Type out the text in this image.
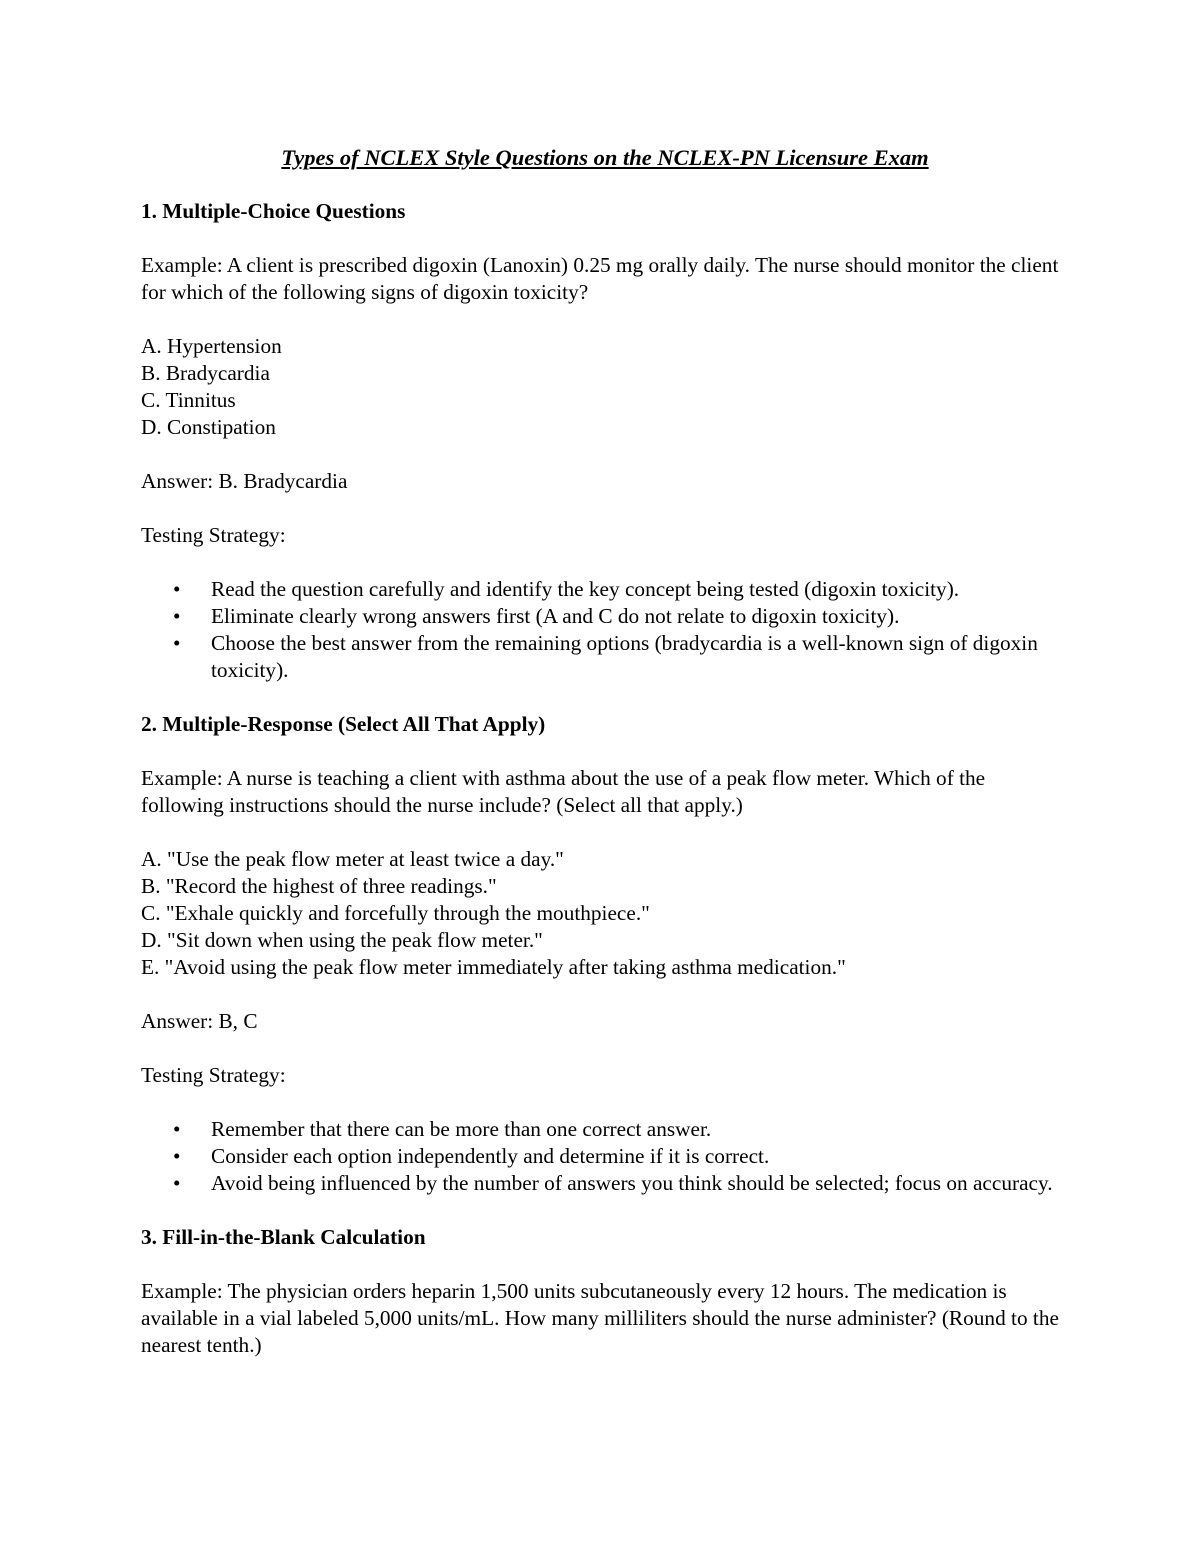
Types of NCLEX Style Questions on the NCLEX-PN Licensure Exam
1. Multiple-Choice Questions

Example: A client is prescribed digoxin (Lanoxin) 0.25 mg orally daily. The nurse should monitor the client for which of the following signs of digoxin toxicity?

A. Hypertension
B. Bradycardia
C. Tinnitus
D. Constipation

Answer: B. Bradycardia

Testing Strategy:

• Read the question carefully and identify the key concept being tested (digoxin toxicity).
• Eliminate clearly wrong answers first (A and C do not relate to digoxin toxicity).
• Choose the best answer from the remaining options (bradycardia is a well-known sign of digoxin toxicity).
2. Multiple-Response (Select All That Apply)

Example: A nurse is teaching a client with asthma about the use of a peak flow meter. Which of the following instructions should the nurse include? (Select all that apply.)

A. "Use the peak flow meter at least twice a day."
B. "Record the highest of three readings."
C. "Exhale quickly and forcefully through the mouthpiece."
D. "Sit down when using the peak flow meter."
E. "Avoid using the peak flow meter immediately after taking asthma medication."

Answer: B, C

Testing Strategy:

• Remember that there can be more than one correct answer.
• Consider each option independently and determine if it is correct.
• Avoid being influenced by the number of answers you think should be selected; focus on accuracy.
3. Fill-in-the-Blank Calculation

Example: The physician orders heparin 1,500 units subcutaneously every 12 hours. The medication is available in a vial labeled 5,000 units/mL. How many milliliters should the nurse administer? (Round to the nearest tenth.)
